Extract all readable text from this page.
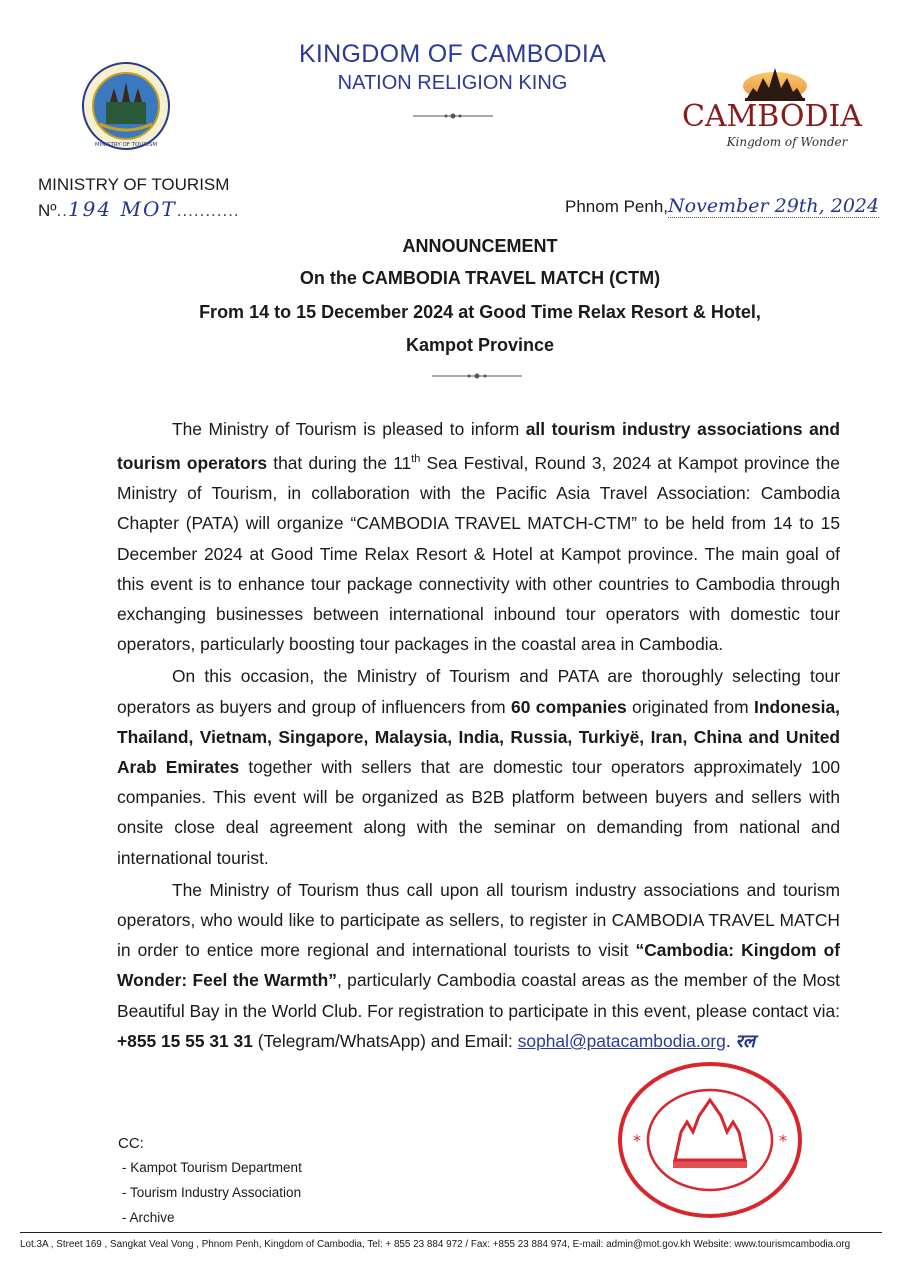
KINGDOM OF CAMBODIA
NATION RELIGION KING
MINISTRY OF TOURISM
CAMBODIA
Kingdom of Wonder
MINISTRY OF TOURISM
Nº..194 MOT...........	Phnom Penh,November 29th, 2024
ANNOUNCEMENT
On the CAMBODIA TRAVEL MATCH (CTM)
From 14 to 15 December 2024 at Good Time Relax Resort & Hotel,
Kampot Province

The Ministry of Tourism is pleased to inform all tourism industry associations and tourism operators that during the 11th Sea Festival, Round 3, 2024 at Kampot province the Ministry of Tourism, in collaboration with the Pacific Asia Travel Association: Cambodia Chapter (PATA) will organize “CAMBODIA TRAVEL MATCH-CTM” to be held from 14 to 15 December 2024 at Good Time Relax Resort & Hotel at Kampot province. The main goal of this event is to enhance tour package connectivity with other countries to Cambodia through exchanging businesses between international inbound tour operators with domestic tour operators, particularly boosting tour packages in the coastal area in Cambodia.

On this occasion, the Ministry of Tourism and PATA are thoroughly selecting tour operators as buyers and group of influencers from 60 companies originated from Indonesia, Thailand, Vietnam, Singapore, Malaysia, India, Russia, Turkiyë, Iran, China and United Arab Emirates together with sellers that are domestic tour operators approximately 100 companies. This event will be organized as B2B platform between buyers and sellers with onsite close deal agreement along with the seminar on demanding from national and international tourist.

The Ministry of Tourism thus call upon all tourism industry associations and tourism operators, who would like to participate as sellers, to register in CAMBODIA TRAVEL MATCH in order to entice more regional and international tourists to visit “Cambodia: Kingdom of Wonder: Feel the Warmth”, particularly Cambodia coastal areas as the member of the Most Beautiful Bay in the World Club. For registration to participate in this event, please contact via: +855 15 55 31 31 (Telegram/WhatsApp) and Email: sophal@patacambodia.org. रल

*	*
CC:
- Kampot Tourism Department
- Tourism Industry Association
- Archive
Lot.3A , Street 169 , Sangkat Veal Vong , Phnom Penh, Kingdom of Cambodia, Tel: + 855 23 884 972 / Fax: +855 23 884 974, E-mail: admin@mot.gov.kh Website: www.tourismcambodia.org
